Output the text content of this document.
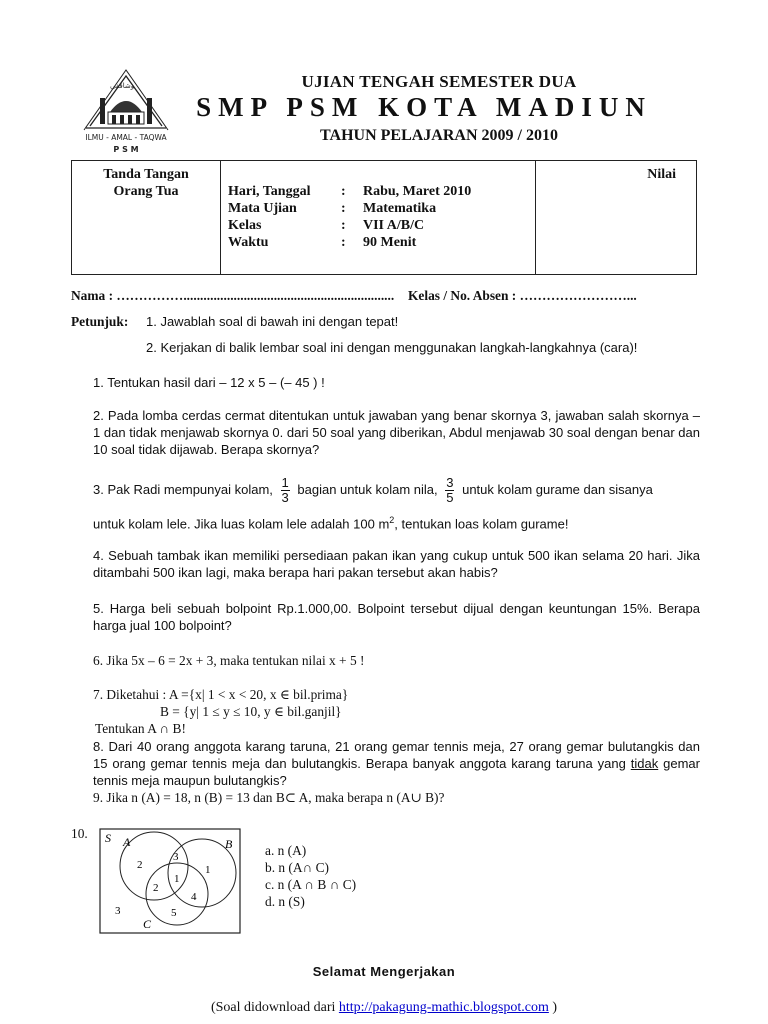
وشاقفي
ILMU - AMAL - TAQWA
P S M
UJIAN TENGAH SEMESTER DUA
SMP PSM KOTA MADIUN
TAHUN PELAJARAN 2009 / 2010
Tanda Tangan
Orang Tua
Nilai
Hari, Tanggal : Rabu, Maret 2010
Mata Ujian	: Matematika
Kelas	: VII A/B/C
Waktu	: 90 Menit
Nama : ……………............................................................... Kelas / No. Absen : ……………………...
Petunjuk: 1. Jawablah soal di bawah ini dengan tepat!
2. Kerjakan di balik lembar soal ini dengan menggunakan langkah-langkahnya (cara)!
1. Tentukan hasil dari – 12 x 5 – (– 45 ) !
2. Pada lomba cerdas cermat ditentukan untuk jawaban yang benar skornya 3, jawaban salah skornya –1 dan tidak menjawab skornya 0. dari 50 soal yang diberikan, Abdul menjawab 30 soal dengan benar dan 10 soal tidak dijawab. Berapa skornya?
3. Pak Radi mempunyai kolam, $\frac{1}{3}$ bagian untuk kolam nila, $\frac{3}{5}$ untuk kolam gurame dan sisanya
untuk kolam lele. Jika luas kolam lele adalah 100 $m^2$, tentukan loas kolam gurame!
4. Sebuah tambak ikan memiliki persediaan pakan ikan yang cukup untuk 500 ikan selama 20 hari. Jika ditambahi 500 ikan lagi, maka berapa hari pakan tersebut akan habis?
5. Harga beli sebuah bolpoint Rp.1.000,00. Bolpoint tersebut dijual dengan keuntungan 15%. Berapa harga jual 100 bolpoint?
6. Jika 5x – 6 = 2x + 3, maka tentukan nilai x + 5 !
7. Diketahui : A ={x| 1 < x < 20, x ∈ bil.prima}
B = {y| 1 ≤ y ≤ 10, y ∈ bil.ganjil}
Tentukan A ∩ B!
8. Dari 40 orang anggota karang taruna, 21 orang gemar tennis meja, 27 orang gemar bulutangkis dan 15 orang gemar tennis meja dan bulutangkis. Berapa banyak anggota karang taruna yang tidak gemar tennis meja maupun bulutangkis?
9. Jika n (A) = 18, n (B) = 13 dan B⊂ A, maka berapa n (A∪ B)?
10. S A	B
C
2
3
1
2
1
4
5
3
a. n (A)
b. n (A∩ C)
c. n (A ∩ B ∩ C)
d. n (S)
Selamat Mengerjakan
(Soal didownload dari http://pakagung-mathic.blogspot.com )
